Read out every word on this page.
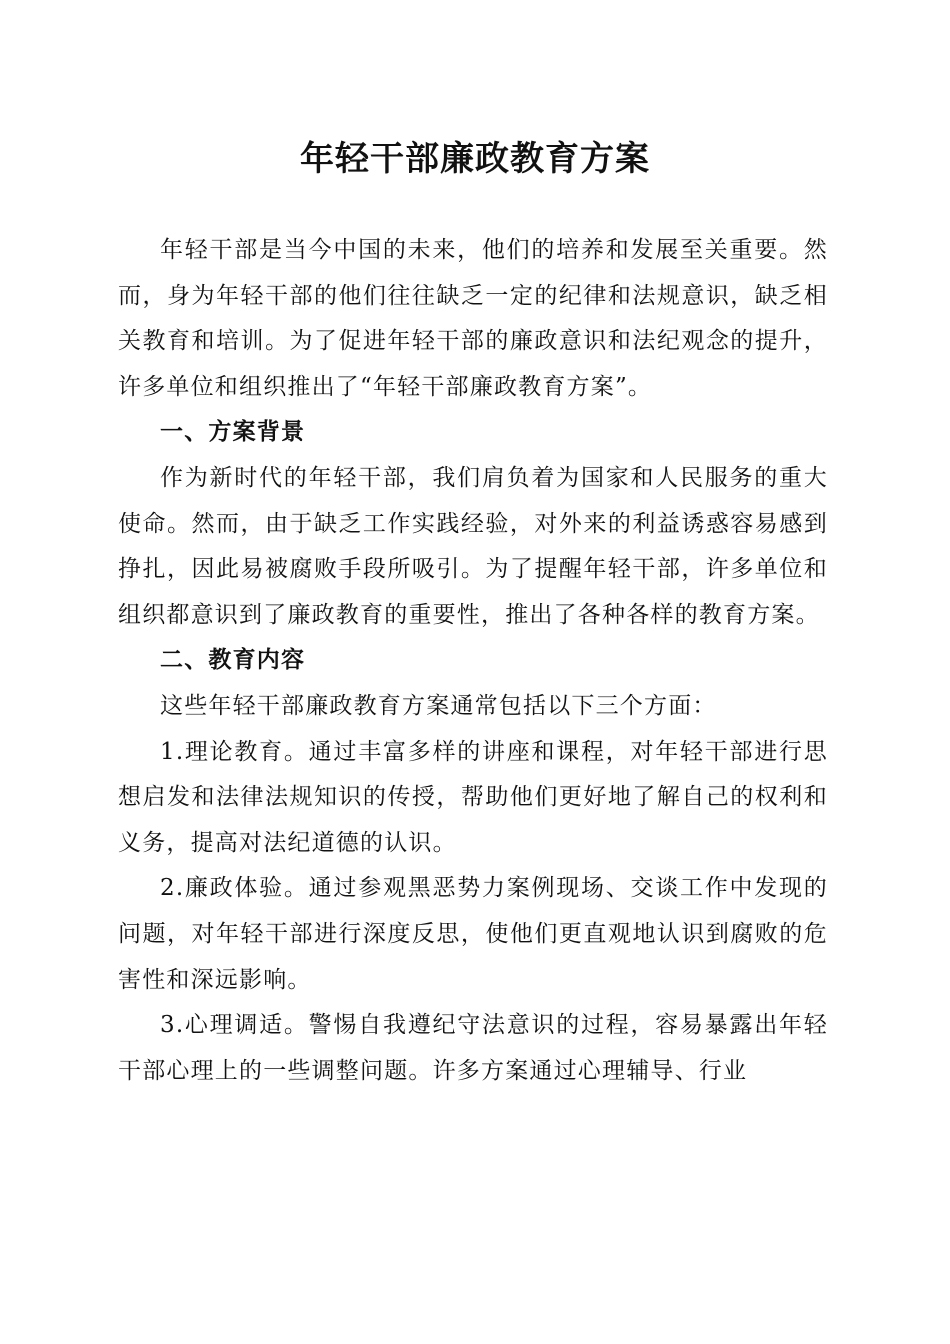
年轻干部廉政教育方案

年轻干部是当今中国的未来，他们的培养和发展至关重要。然而，身为年轻干部的他们往往缺乏一定的纪律和法规意识，缺乏相关教育和培训。为了促进年轻干部的廉政意识和法纪观念的提升，许多单位和组织推出了“年轻干部廉政教育方案”。

一、方案背景

作为新时代的年轻干部，我们肩负着为国家和人民服务的重大使命。然而，由于缺乏工作实践经验，对外来的利益诱惑容易感到挣扎，因此易被腐败手段所吸引。为了提醒年轻干部，许多单位和组织都意识到了廉政教育的重要性，推出了各种各样的教育方案。

二、教育内容

这些年轻干部廉政教育方案通常包括以下三个方面：

1.理论教育。通过丰富多样的讲座和课程，对年轻干部进行思想启发和法律法规知识的传授，帮助他们更好地了解自己的权利和义务，提高对法纪道德的认识。

2.廉政体验。通过参观黑恶势力案例现场、交谈工作中发现的问题，对年轻干部进行深度反思，使他们更直观地认识到腐败的危害性和深远影响。

3.心理调适。警惕自我遵纪守法意识的过程，容易暴露出年轻干部心理上的一些调整问题。许多方案通过心理辅导、行业
